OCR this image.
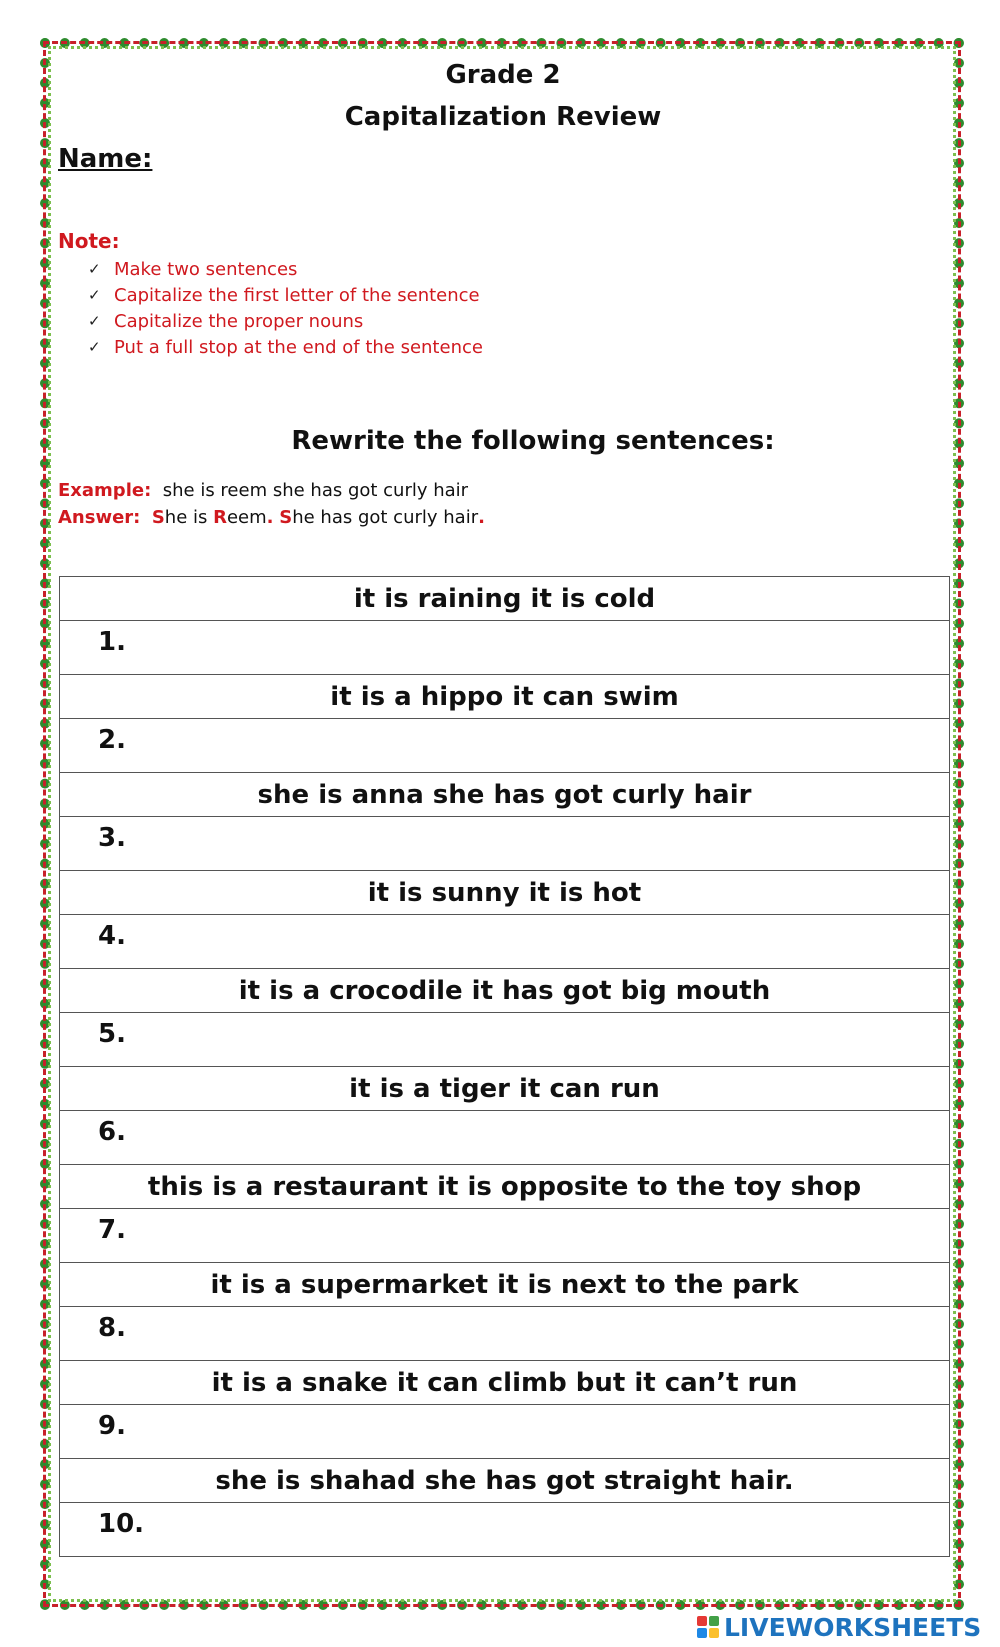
Grade 2
Capitalization Review
Name:
Note:
✓ Make two sentences
✓ Capitalize the first letter of the sentence
✓ Capitalize the proper nouns
✓ Put a full stop at the end of the sentence
Rewrite the following sentences:
Example: she is reem she has got curly hair
Answer: She is Reem. She has got curly hair.
it is raining it is cold
1.
it is a hippo it can swim
2.
she is anna she has got curly hair
3.
it is sunny it is hot
4.
it is a crocodile it has got big mouth
5.
it is a tiger it can run
6.
this is a restaurant it is opposite to the toy shop
7.
it is a supermarket it is next to the park
8.
it is a snake it can climb but it can’t run
9.
she is shahad she has got straight hair.
10.
LIVEWORKSHEETS
